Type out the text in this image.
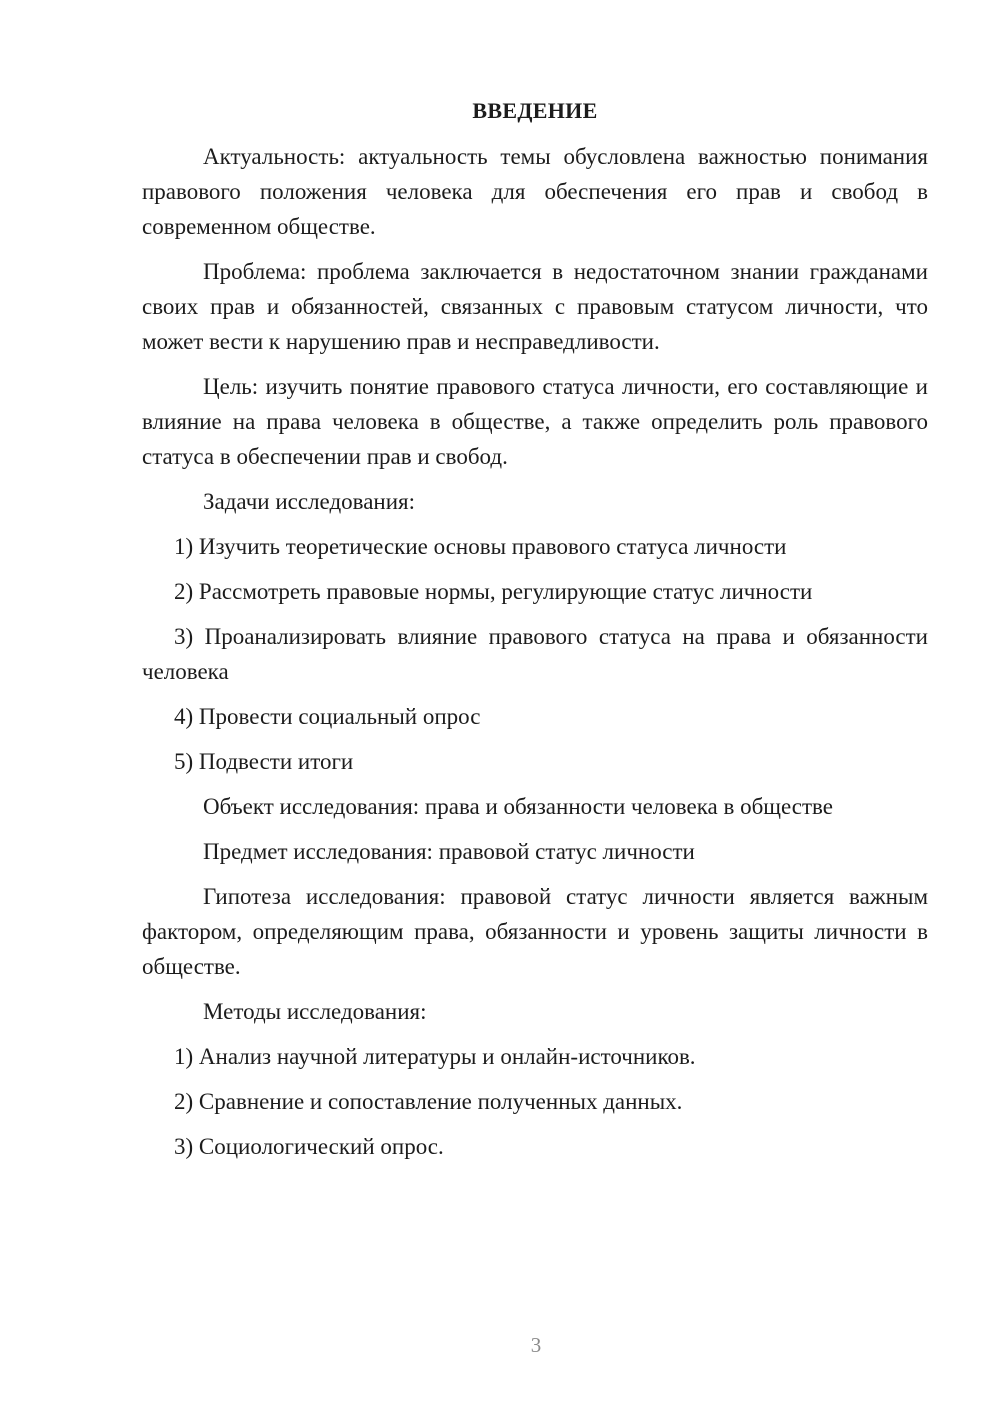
ВВЕДЕНИЕ

Актуальность: актуальность темы обусловлена важностью понимания правового положения человека для обеспечения его прав и свобод в современном обществе.

Проблема: проблема заключается в недостаточном знании гражданами своих прав и обязанностей, связанных с правовым статусом личности, что может вести к нарушению прав и несправедливости.

Цель: изучить понятие правового статуса личности, его составляющие и влияние на права человека в обществе, а также определить роль правового статуса в обеспечении прав и свобод.

Задачи исследования:

1) Изучить теоретические основы правового статуса личности

2) Рассмотреть правовые нормы, регулирующие статус личности

3) Проанализировать влияние правового статуса на права и обязанности человека

4) Провести социальный опрос

5) Подвести итоги

Объект исследования: права и обязанности человека в обществе

Предмет исследования: правовой статус личности

Гипотеза исследования: правовой статус личности является важным фактором, определяющим права, обязанности и уровень защиты личности в обществе.

Методы исследования:

1) Анализ научной литературы и онлайн-источников.

2) Сравнение и сопоставление полученных данных.

3) Социологический опрос.

3
